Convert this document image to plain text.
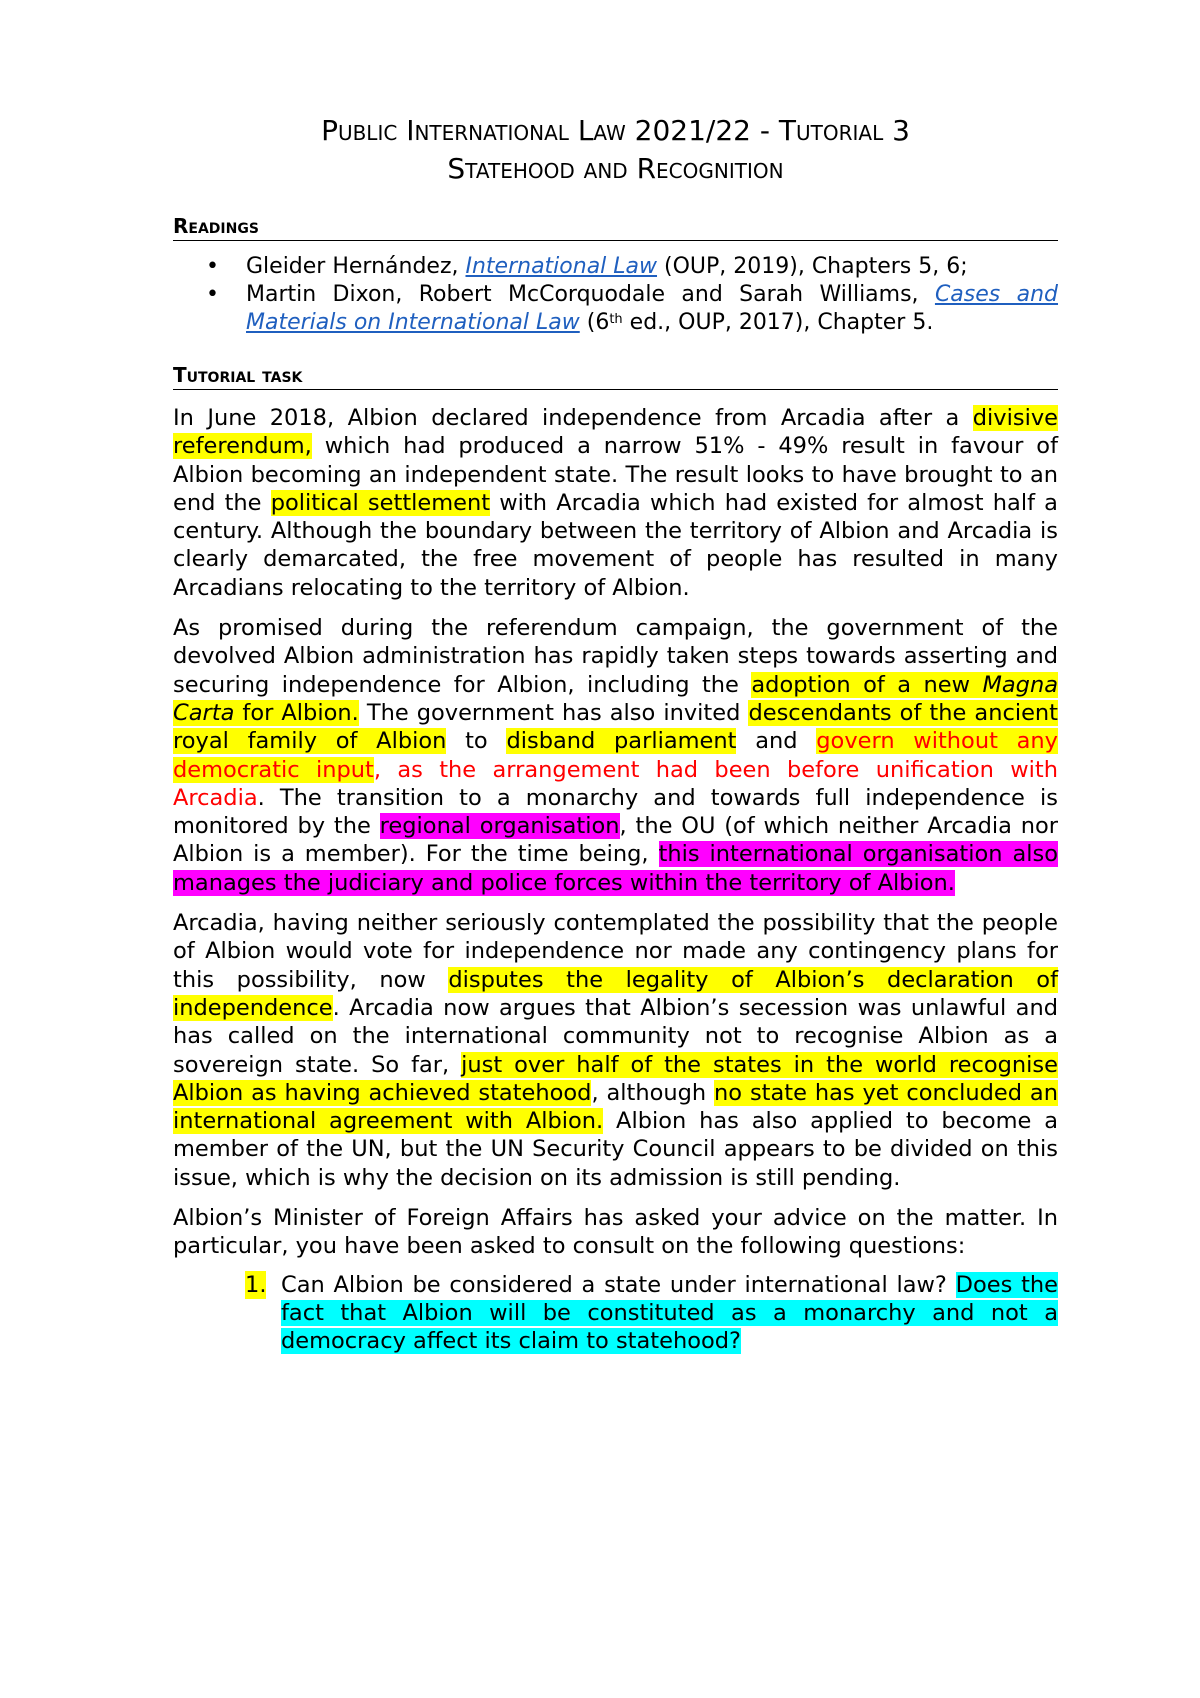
Public International Law 2021/22 - Tutorial 3
Statehood and Recognition
Readings
• Gleider Hernández, International Law (OUP, 2019), Chapters 5, 6;
• Martin Dixon, Robert McCorquodale and Sarah Williams, Cases and Materials on International Law (6th ed., OUP, 2017), Chapter 5.
Tutorial task

In June 2018, Albion declared independence from Arcadia after a divisive referendum, which had produced a narrow 51% - 49% result in favour of Albion becoming an independent state. The result looks to have brought to an end the political settlement with Arcadia which had existed for almost half a century. Although the boundary between the territory of Albion and Arcadia is clearly demarcated, the free movement of people has resulted in many Arcadians relocating to the territory of Albion.

As promised during the referendum campaign, the government of the devolved Albion administration has rapidly taken steps towards asserting and securing independence for Albion, including the adoption of a new Magna Carta for Albion. The government has also invited descendants of the ancient royal family of Albion to disband parliament and govern without any democratic input, as the arrangement had been before unification with Arcadia. The transition to a monarchy and towards full independence is monitored by the regional organisation, the OU (of which neither Arcadia nor Albion is a member). For the time being, this international organisation also manages the judiciary and police forces within the territory of Albion.

Arcadia, having neither seriously contemplated the possibility that the people of Albion would vote for independence nor made any contingency plans for this possibility, now disputes the legality of Albion’s declaration of independence. Arcadia now argues that Albion’s secession was unlawful and has called on the international community not to recognise Albion as a sovereign state. So far, just over half of the states in the world recognise Albion as having achieved statehood, although no state has yet concluded an international agreement with Albion. Albion has also applied to become a member of the UN, but the UN Security Council appears to be divided on this issue, which is why the decision on its admission is still pending.

Albion’s Minister of Foreign Affairs has asked your advice on the matter. In particular, you have been asked to consult on the following questions:

1. Can Albion be considered a state under international law? Does the fact that Albion will be constituted as a monarchy and not a democracy affect its claim to statehood?
